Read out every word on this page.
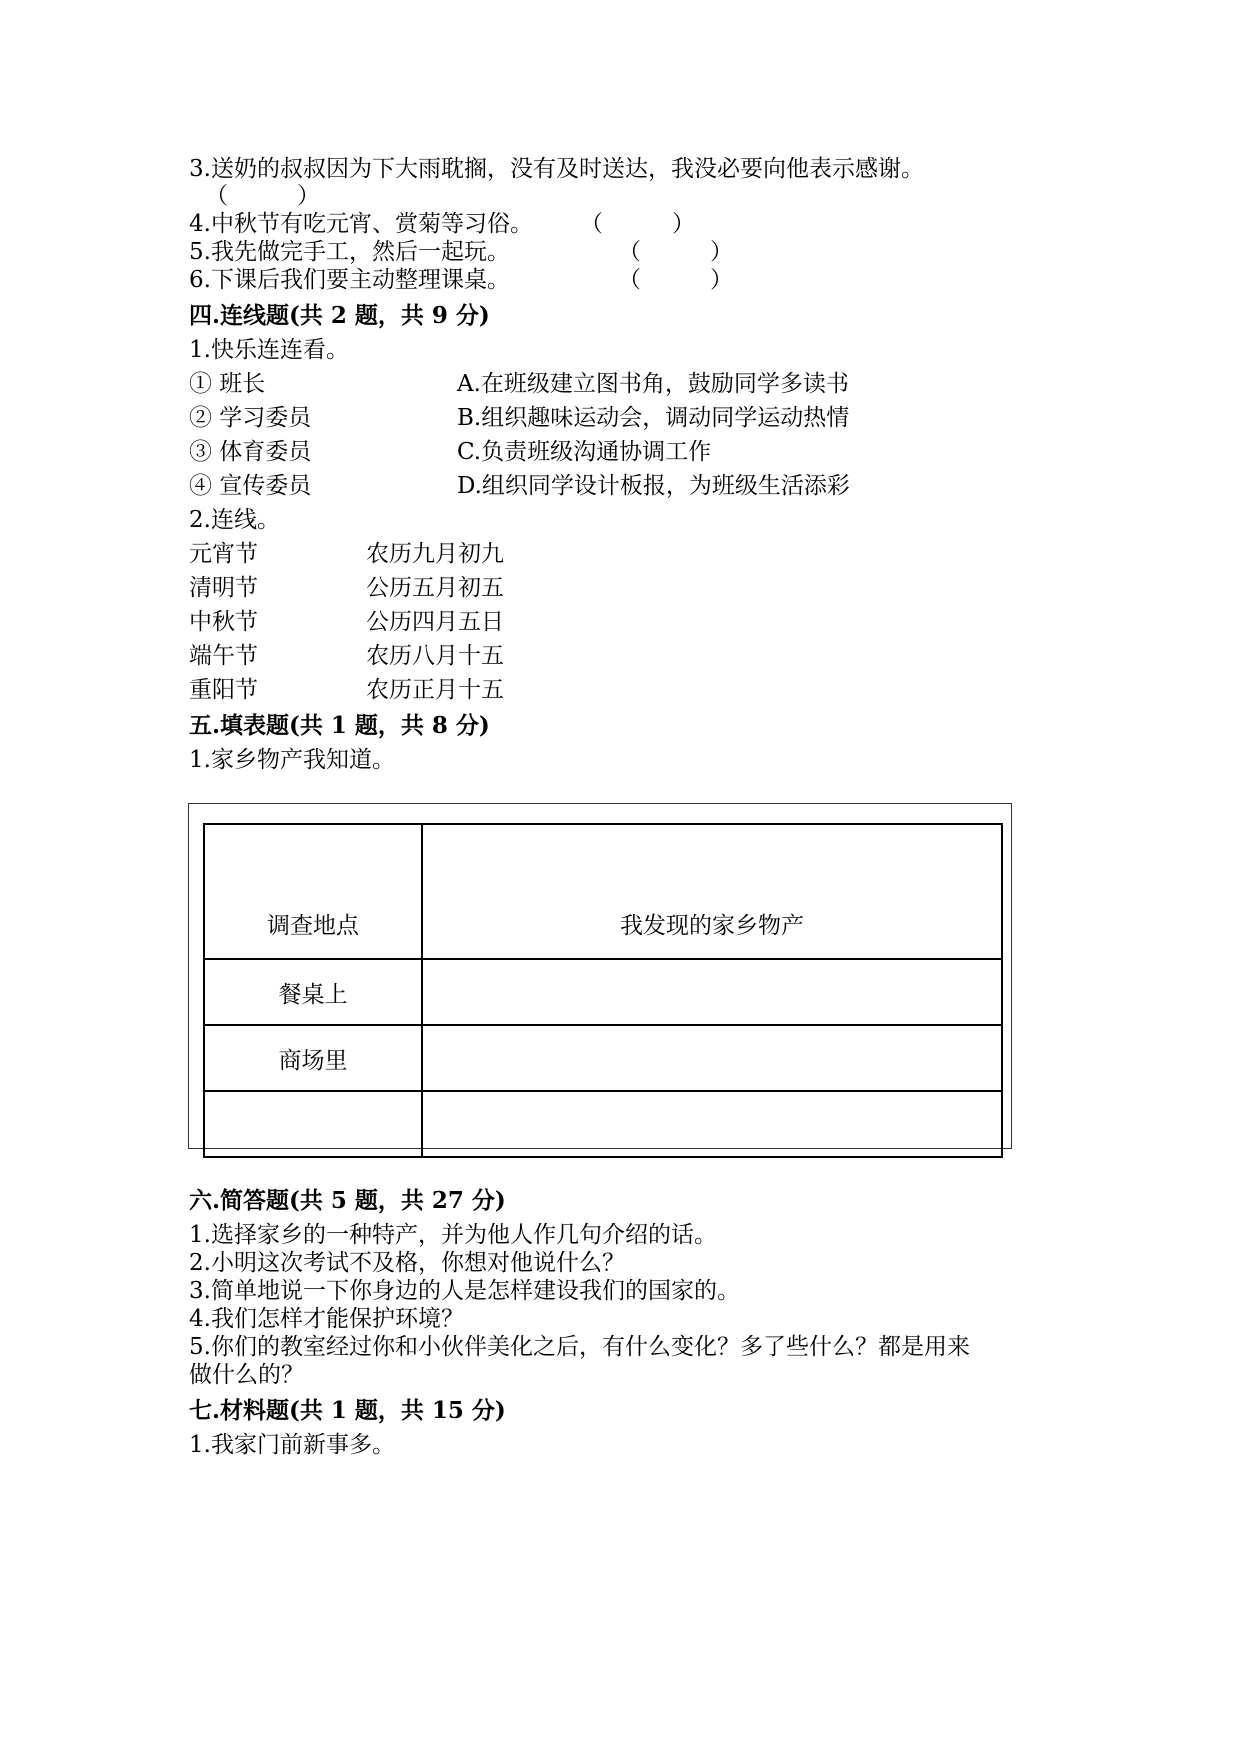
3.送奶的叔叔因为下大雨耽搁，没有及时送达，我没必要向他表示感谢。
（　　　）
4.中秋节有吃元宵、赏菊等习俗。 （　　　）
5.我先做完手工，然后一起玩。	（　　　）
6.下课后我们要主动整理课桌。	（　　　）
四.连线题(共 2 题，共 9 分)
1.快乐连连看。
① 班长	A.在班级建立图书角，鼓励同学多读书
② 学习委员	B.组织趣味运动会，调动同学运动热情
③ 体育委员	C.负责班级沟通协调工作
④ 宣传委员	D.组织同学设计板报，为班级生活添彩
2.连线。
元宵节	农历九月初九
清明节	公历五月初五
中秋节	公历四月五日
端午节	农历八月十五
重阳节	农历正月十五
五.填表题(共 1 题，共 8 分)
1.家乡物产我知道。
调查地点	我发现的家乡物产
餐桌上	
商场里	

六.简答题(共 5 题，共 27 分)
1.选择家乡的一种特产，并为他人作几句介绍的话。
2.小明这次考试不及格，你想对他说什么？
3.简单地说一下你身边的人是怎样建设我们的国家的。
4.我们怎样才能保护环境？
5.你们的教室经过你和小伙伴美化之后，有什么变化？多了些什么？都是用来
做什么的？
七.材料题(共 1 题，共 15 分)
1.我家门前新事多。
